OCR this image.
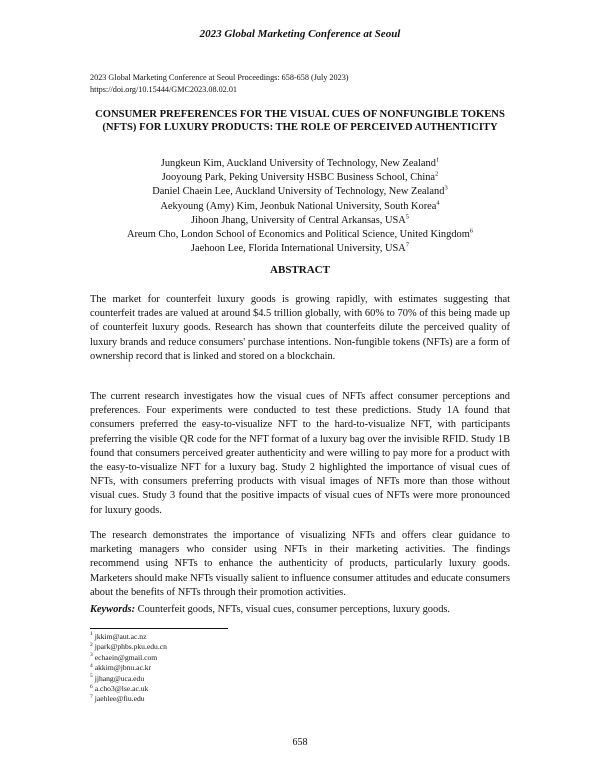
2023 Global Marketing Conference at Seoul
2023 Global Marketing Conference at Seoul Proceedings: 658-658 (July 2023)
https://doi.org/10.15444/GMC2023.08.02.01
CONSUMER PREFERENCES FOR THE VISUAL CUES OF NONFUNGIBLE TOKENS (NFTS) FOR LUXURY PRODUCTS: THE ROLE OF PERCEIVED AUTHENTICITY
Jungkeun Kim, Auckland University of Technology, New Zealand$^1$
Jooyoung Park, Peking University HSBC Business School, China$^2$
Daniel Chaein Lee, Auckland University of Technology, New Zealand$^3$
Aekyoung (Amy) Kim, Jeonbuk National University, South Korea$^4$
Jihoon Jhang, University of Central Arkansas, USA$^5$
Areum Cho, London School of Economics and Political Science, United Kingdom$^6$
Jaehoon Lee, Florida International University, USA$^7$
ABSTRACT
The market for counterfeit luxury goods is growing rapidly, with estimates suggesting that counterfeit trades are valued at around $4.5 trillion globally, with 60% to 70% of this being made up of counterfeit luxury goods. Research has shown that counterfeits dilute the perceived quality of luxury brands and reduce consumers' purchase intentions. Non-fungible tokens (NFTs) are a form of ownership record that is linked and stored on a blockchain.
The current research investigates how the visual cues of NFTs affect consumer perceptions and preferences. Four experiments were conducted to test these predictions. Study 1A found that consumers preferred the easy-to-visualize NFT to the hard-to-visualize NFT, with participants preferring the visible QR code for the NFT format of a luxury bag over the invisible RFID. Study 1B found that consumers perceived greater authenticity and were willing to pay more for a product with the easy-to-visualize NFT for a luxury bag. Study 2 highlighted the importance of visual cues of NFTs, with consumers preferring products with visual images of NFTs more than those without visual cues. Study 3 found that the positive impacts of visual cues of NFTs were more pronounced for luxury goods.
The research demonstrates the importance of visualizing NFTs and offers clear guidance to marketing managers who consider using NFTs in their marketing activities. The findings recommend using NFTs to enhance the authenticity of products, particularly luxury goods. Marketers should make NFTs visually salient to influence consumer attitudes and educate consumers about the benefits of NFTs through their promotion activities.
Keywords: Counterfeit goods, NFTs, visual cues, consumer perceptions, luxury goods.
$^1$ jkkim@aut.ac.nz
$^2$ jpark@phbs.pku.edu.cn
$^3$ echaein@gmail.com
$^4$ akkim@jbnu.ac.kr
$^5$ jjhang@uca.edu
$^6$ a.cho3@lse.ac.uk
$^7$ jaehlee@fiu.edu
658
